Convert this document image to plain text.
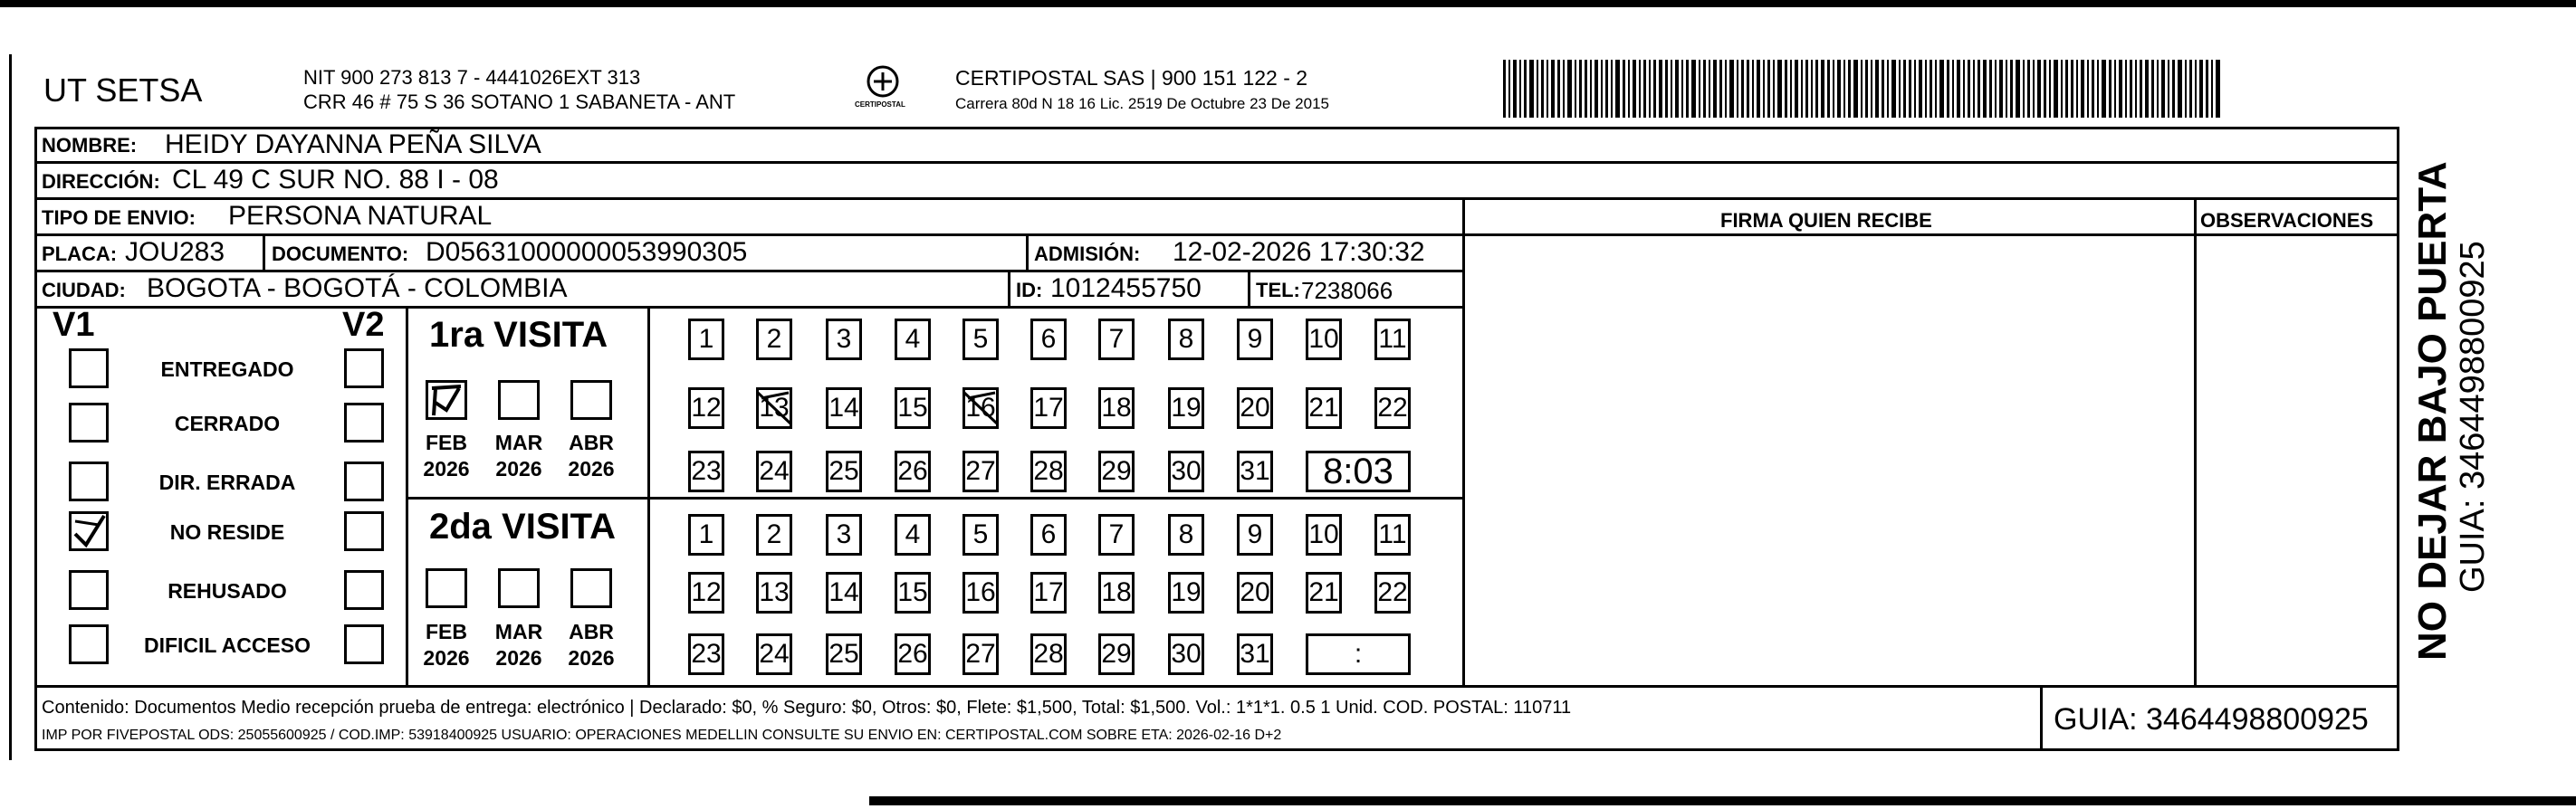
UT SETSA	NIT 900 273 813 7 - 4441026EXT 313
CRR 46 # 75 S 36 SOTANO 1 SABANETA - ANT	CERTIPOSTAL
CERTIPOSTAL SAS | 900 151 122 - 2
Carrera 80d N 18 16 Lic. 2519 De Octubre 23 De 2015
NOMBRE: HEIDY DAYANNA PEÑA SILVA
DIRECCIÓN: CL 49 C SUR NO. 88 I - 08
TIPO DE ENVIO: PERSONA NATURAL	FIRMA QUIEN RECIBE	OBSERVACIONES
PLACA: JOU283 DOCUMENTO: D05631000000053990305	ADMISIÓN: 12-02-2026 17:30:32
CIUDAD: BOGOTA - BOGOTÁ - COLOMBIA	ID: 1012455750	TEL: 7238066
V1	V2
ENTREGADO
CERRADO
DIR. ERRADA
NO RESIDE
REHUSADO
DIFICIL ACCESO
1ra VISITA
FEB
2026
MAR
2026
ABR
2026
1	2	3	4	5	6	7	8	9	10 11
12 13 14 15 16 17 18 19 20 21 22
23 24 25 26 27 28 29 30 31	8:03
2da VISITA
FEB
2026
MAR
2026
ABR
2026
1	2	3	4	5	6	7	8	9	10 11
12 13 14 15 16 17 18 19 20 21 22
23 24 25 26 27 28 29 30 31	:
Contenido: Documentos Medio recepción prueba de entrega: electrónico | Declarado: $0, % Seguro: $0, Otros: $0, Flete: $1,500, Total: $1,500. Vol.: 1*1*1. 0.5 1 Unid. COD. POSTAL: 110711
IMP POR FIVEPOSTAL ODS: 25055600925 / COD.IMP: 53918400925 USUARIO: OPERACIONES MEDELLIN CONSULTE SU ENVIO EN: CERTIPOSTAL.COM SOBRE ETA: 2026-02-16 D+2	GUIA: 3464498800925
NO DEJAR BAJO PUERTA GUIA: 3464498800925
